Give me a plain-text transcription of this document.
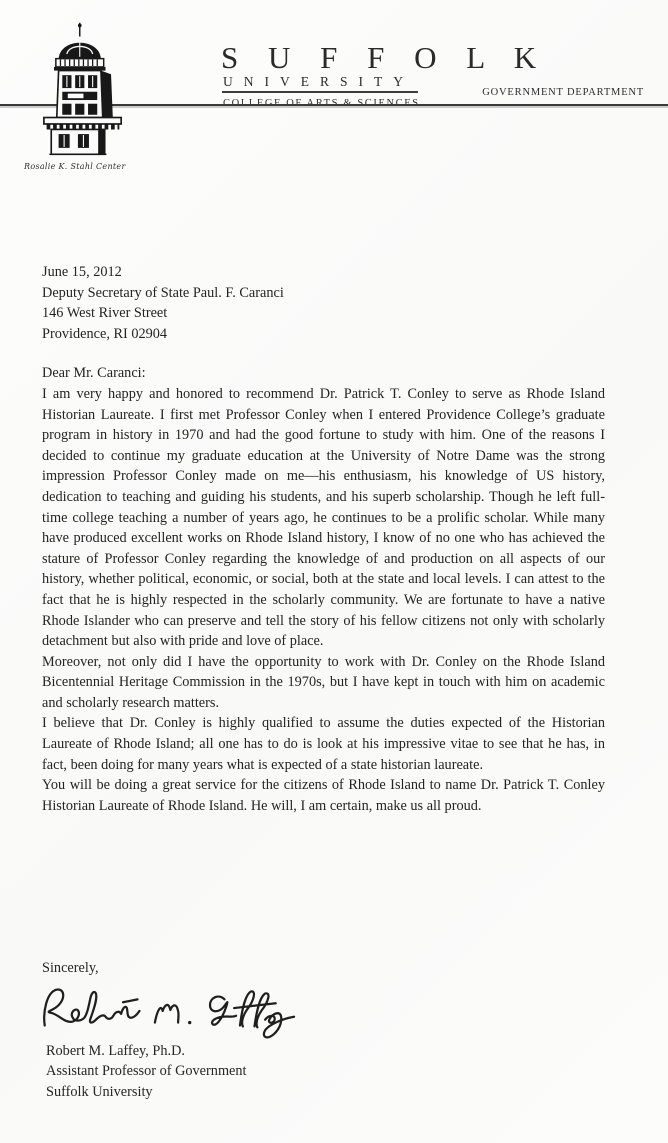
Rosalie K. Stahl Center
S U F F O L K
UNIVERSITY
GOVERNMENT DEPARTMENT

June 15, 2012

Deputy Secretary of State Paul. F. Caranci

146 West River Street

Providence, RI 02904

Dear Mr. Caranci:

I am very happy and honored to recommend Dr. Patrick T. Conley to serve as Rhode Island Historian Laureate. I first met Professor Conley when I entered Providence College’s graduate program in history in 1970 and had the good fortune to study with him. One of the reasons I decided to continue my graduate education at the University of Notre Dame was the strong impression Professor Conley made on me—his enthusiasm, his knowledge of US history, dedication to teaching and guiding his students, and his superb scholarship. Though he left full-time college teaching a number of years ago, he continues to be a prolific scholar. While many have produced excellent works on Rhode Island history, I know of no one who has achieved the stature of Professor Conley regarding the knowledge of and production on all aspects of our history, whether political, economic, or social, both at the state and local levels. I can attest to the fact that he is highly respected in the scholarly community. We are fortunate to have a native Rhode Islander who can preserve and tell the story of his fellow citizens not only with scholarly detachment but also with pride and love of place.

Moreover, not only did I have the opportunity to work with Dr. Conley on the Rhode Island Bicentennial Heritage Commission in the 1970s, but I have kept in touch with him on academic and scholarly research matters.

I believe that Dr. Conley is highly qualified to assume the duties expected of the Historian Laureate of Rhode Island; all one has to do is look at his impressive vitae to see that he has, in fact, been doing for many years what is expected of a state historian laureate.

You will be doing a great service for the citizens of Rhode Island to name Dr. Patrick T. Conley Historian Laureate of Rhode Island. He will, I am certain, make us all proud.

Sincerely,

Robert M. Laffey, Ph.D.

Assistant Professor of Government

Suffolk University
